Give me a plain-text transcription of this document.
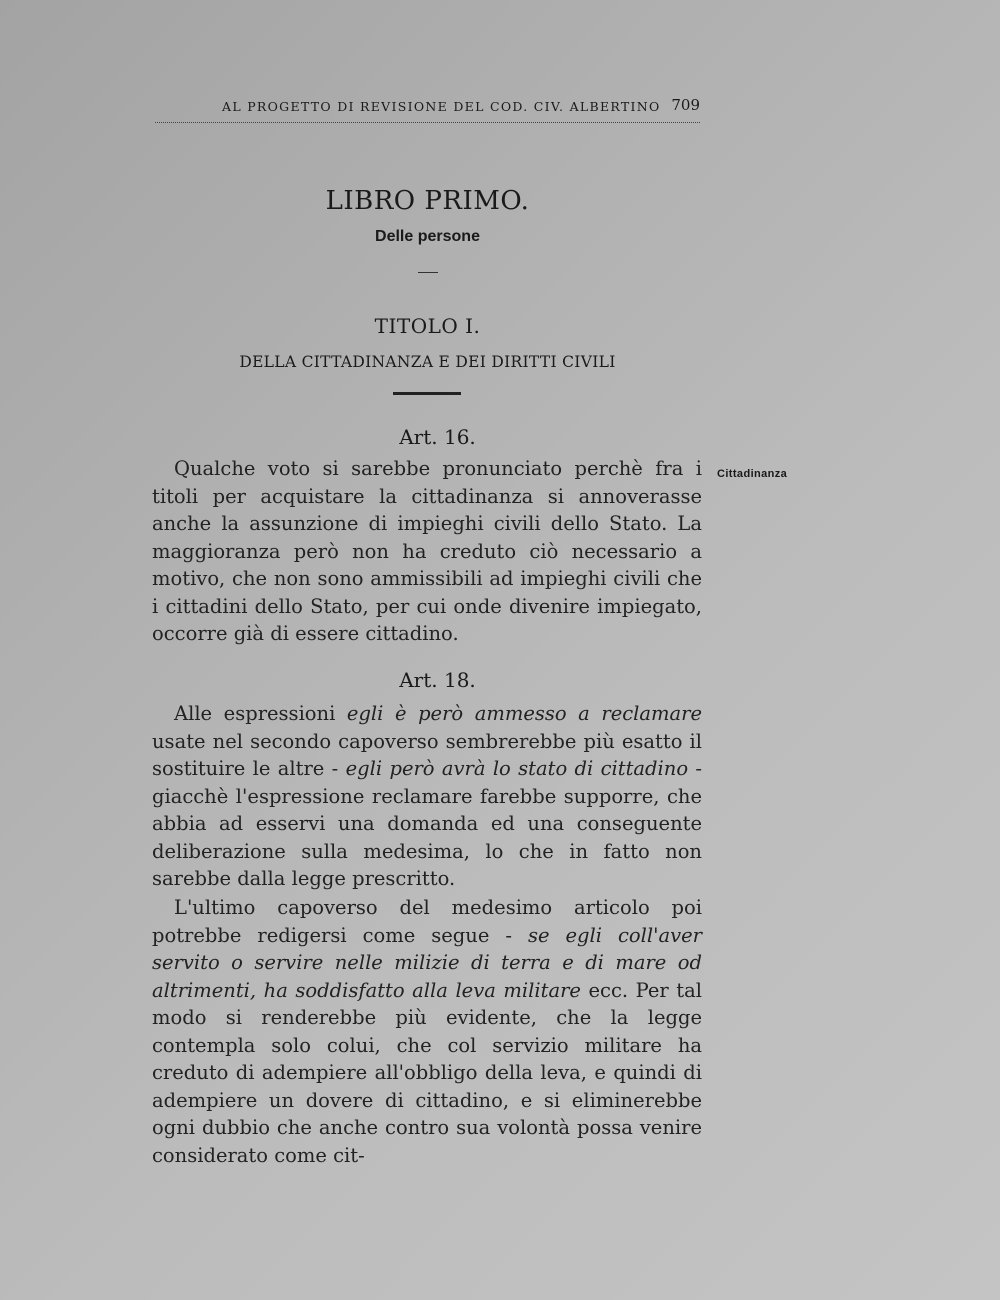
AL PROGETTO DI REVISIONE DEL COD. CIV. ALBERTINO 709
LIBRO PRIMO.
Delle persone
TITOLO I.
DELLA CITTADINANZA E DEI DIRITTI CIVILI
Art. 16.

Qualche voto si sarebbe pronunciato perchè fra i titoli per acquistare la cittadinanza si annoverasse anche la assunzione di impieghi civili dello Stato. La maggioranza però non ha creduto ciò necessario a motivo, che non sono ammissibili ad impieghi civili che i cittadini dello Stato, per cui onde divenire impiegato, occorre già di essere cittadino.

Cittadinanza
Art. 18.

Alle espressioni egli è però ammesso a reclamare usate nel secondo capoverso sembrerebbe più esatto il sostituire le altre - egli però avrà lo stato di cittadino - giacchè l'espressione reclamare farebbe supporre, che abbia ad esservi una domanda ed una conseguente deliberazione sulla medesima, lo che in fatto non sarebbe dalla legge prescritto.

L'ultimo capoverso del medesimo articolo poi potrebbe redigersi come segue - se egli coll'aver servito o servire nelle milizie di terra e di mare od altrimenti, ha soddisfatto alla leva militare ecc. Per tal modo si renderebbe più evidente, che la legge contempla solo colui, che col servizio militare ha creduto di adempiere all'obbligo della leva, e quindi di adempiere un dovere di cittadino, e si eliminerebbe ogni dubbio che anche contro sua volontà possa venire considerato come cit-
